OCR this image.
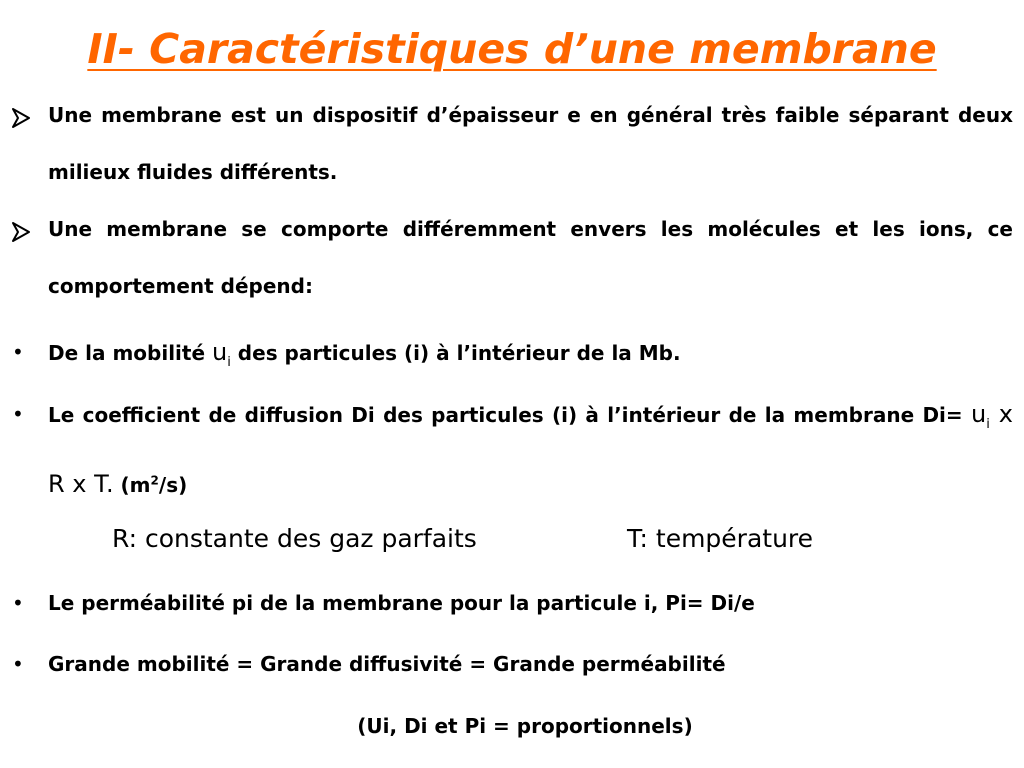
II- Caractéristiques d’une membrane
Une membrane est un dispositif d’épaisseur e en général très faible séparant deux milieux fluides différents.
Une membrane se comporte différemment envers les molécules et les ions, ce comportement dépend:
• De la mobilité $u_i$ des particules (i) à l’intérieur de la Mb.
• Le coefficient de diffusion Di des particules (i) à l’intérieur de la membrane $Di= u_i$ x R x T. $(m^2/s)$
R: constante des gaz parfaits	T: température
• Le perméabilité pi de la membrane pour la particule i, Pi= Di/e
• Grande mobilité = Grande diffusivité = Grande perméabilité
(Ui, Di et Pi = proportionnels)
